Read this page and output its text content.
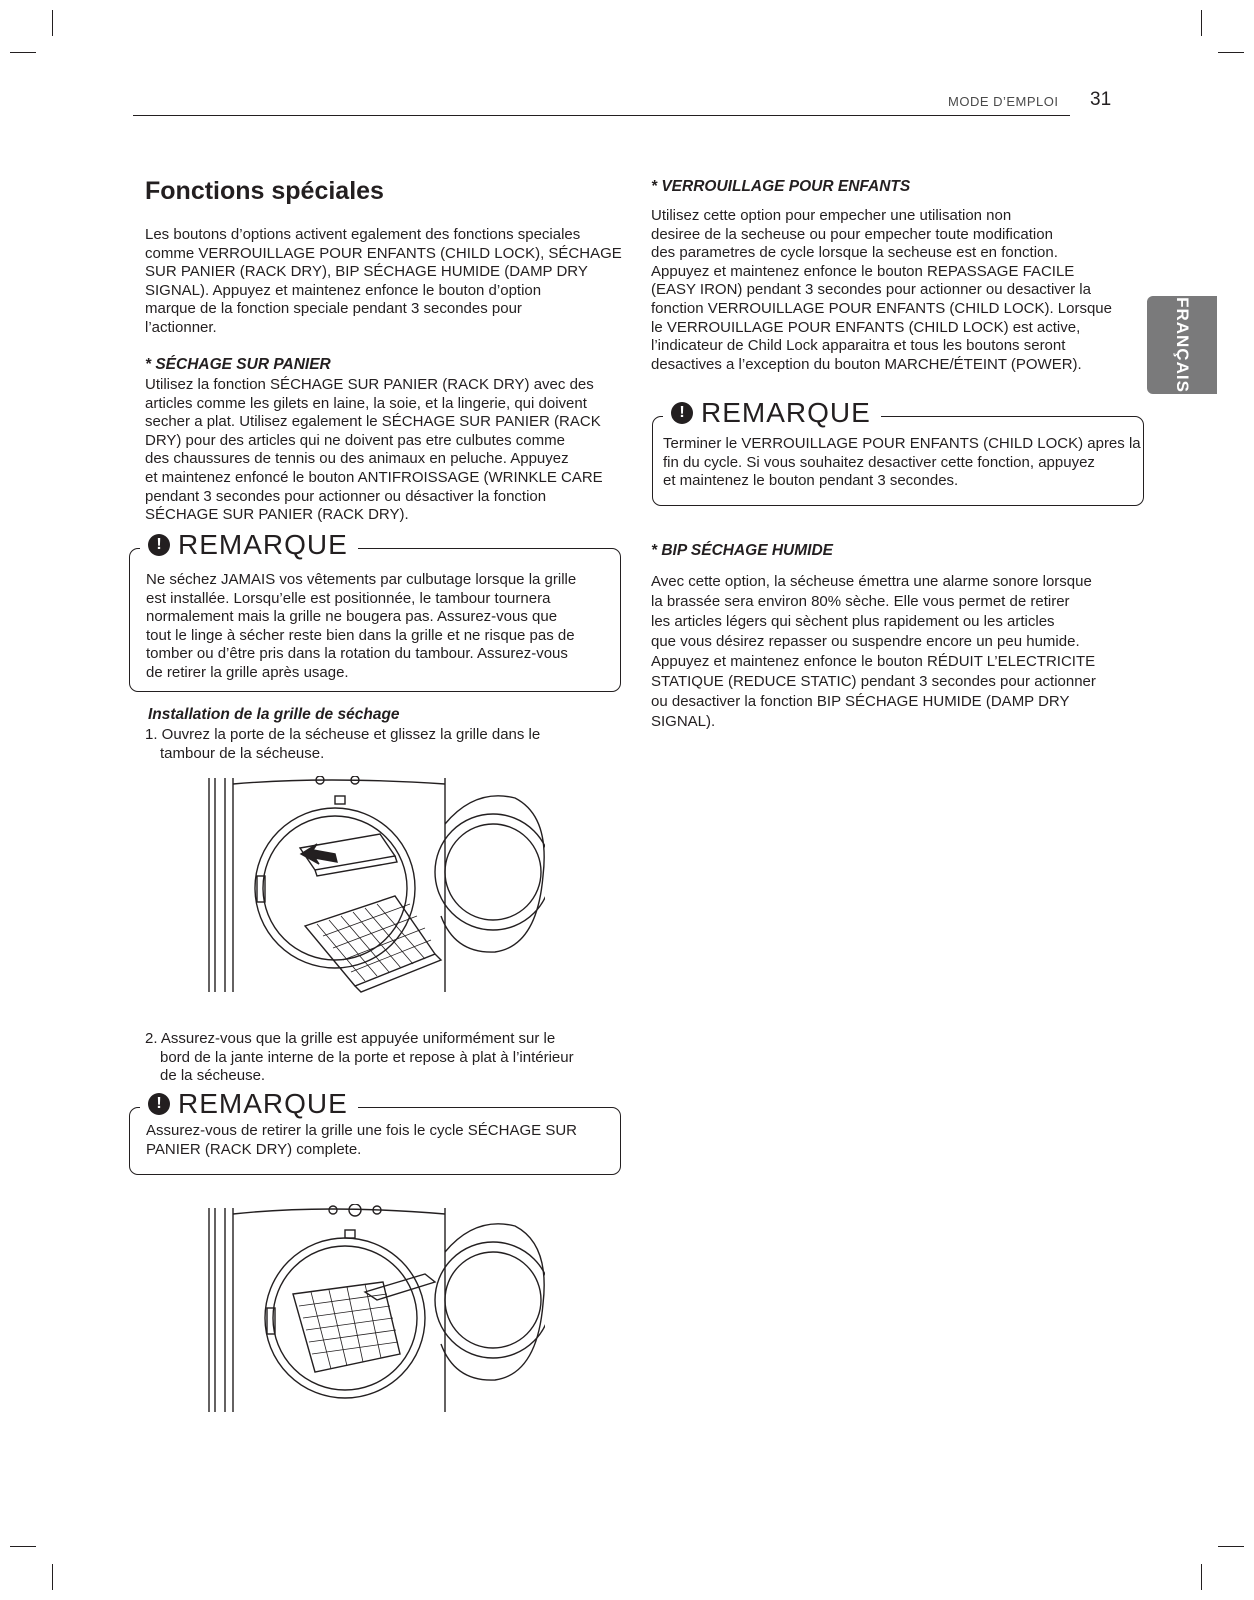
MODE D’EMPLOI 31
FRANÇAIS
Fonctions spéciales
Les boutons d’options activent egalement des fonctions speciales
comme VERROUILLAGE POUR ENFANTS (CHILD LOCK), SÉCHAGE
SUR PANIER (RACK DRY), BIP SÉCHAGE HUMIDE (DAMP DRY
SIGNAL). Appuyez et maintenez enfonce le bouton d’option
marque de la fonction speciale pendant 3 secondes pour
l’actionner.
* SÉCHAGE SUR PANIER
Utilisez la fonction SÉCHAGE SUR PANIER (RACK DRY) avec des
articles comme les gilets en laine, la soie, et la lingerie, qui doivent
secher a plat. Utilisez egalement le SÉCHAGE SUR PANIER (RACK
DRY) pour des articles qui ne doivent pas etre culbutes comme
des chaussures de tennis ou des animaux en peluche. Appuyez
et maintenez enfoncé le bouton ANTIFROISSAGE (WRINKLE CARE
pendant 3 secondes pour actionner ou désactiver la fonction
SÉCHAGE SUR PANIER (RACK DRY).
! REMARQUE
Ne séchez JAMAIS vos vêtements par culbutage lorsque la grille
est installée. Lorsqu’elle est positionnée, le tambour tournera
normalement mais la grille ne bougera pas. Assurez-vous que
tout le linge à sécher reste bien dans la grille et ne risque pas de
tomber ou d’être pris dans la rotation du tambour. Assurez-vous
de retirer la grille après usage.
Installation de la grille de séchage
1. Ouvrez la porte de la sécheuse et glissez la grille dans le
tambour de la sécheuse.
2. Assurez-vous que la grille est appuyée uniformément sur le
bord de la jante interne de la porte et repose à plat à l’intérieur
de la sécheuse.
! REMARQUE
Assurez-vous de retirer la grille une fois le cycle SÉCHAGE SUR
PANIER (RACK DRY) complete.
* VERROUILLAGE POUR ENFANTS
Utilisez cette option pour empecher une utilisation non
desiree de la secheuse ou pour empecher toute modification
des parametres de cycle lorsque la secheuse est en fonction.
Appuyez et maintenez enfonce le bouton REPASSAGE FACILE
(EASY IRON) pendant 3 secondes pour actionner ou desactiver la
fonction VERROUILLAGE POUR ENFANTS (CHILD LOCK). Lorsque
le VERROUILLAGE POUR ENFANTS (CHILD LOCK) est active,
l’indicateur de Child Lock apparaitra et tous les boutons seront
desactives a l’exception du bouton MARCHE/ÉTEINT (POWER).
! REMARQUE
Terminer le VERROUILLAGE POUR ENFANTS (CHILD LOCK) apres la
fin du cycle. Si vous souhaitez desactiver cette fonction, appuyez
et maintenez le bouton pendant 3 secondes.
* BIP SÉCHAGE HUMIDE
Avec cette option, la sécheuse émettra une alarme sonore lorsque
la brassée sera environ 80% sèche. Elle vous permet de retirer
les articles légers qui sèchent plus rapidement ou les articles
que vous désirez repasser ou suspendre encore un peu humide.
Appuyez et maintenez enfonce le bouton RÉDUIT L’ELECTRICITE
STATIQUE (REDUCE STATIC) pendant 3 secondes pour actionner
ou desactiver la fonction BIP SÉCHAGE HUMIDE (DAMP DRY
SIGNAL).
